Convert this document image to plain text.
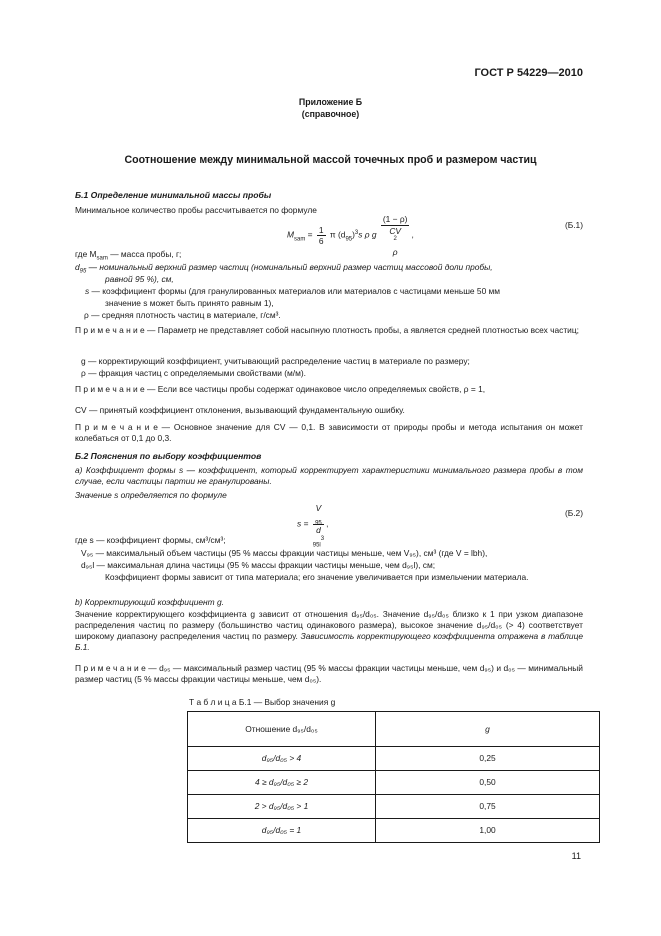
ГОСТ Р 54229—2010
Приложение Б
(справочное)
Соотношение между минимальной массой точечных проб и размером частиц
Б.1 Определение минимальной массы пробы
Минимальное количество пробы рассчитывается по формуле
$M_{sam} = \frac{1}{6}$ π $(d_{95})^3s$ ρ g (1 − ρ)
CV
$^2$
ρ ,
(Б.1)
где $M_{sam}$ — масса пробы, г;
$d_{95}$ — номинальный верхний размер частиц (номинальный верхний размер частиц массовой доли пробы,
равной 95 %), см,
s — коэффициент формы (для гранулированных материалов или материалов с частицами меньше 50 мм
значение s может быть принято равным 1),
ρ — средняя плотность частиц в материале, г/см³.
П р и м е ч а н и е — Параметр не представляет собой насыпную плотность пробы, а является средней плотностью всех частиц;
g — корректирующий коэффициент, учитывающий распределение частиц в материале по размеру;
ρ — фракция частиц с определяемыми свойствами (м/м).
П р и м е ч а н и е — Если все частицы пробы содержат одинаковое число определяемых свойств, ρ = 1,
CV — принятый коэффициент отклонения, вызывающий фундаментальную ошибку.
П р и м е ч а н и е — Основное значение для CV — 0,1. В зависимости от природы пробы и метода испытания он может колебаться от 0,1 до 0,3.
Б.2 Пояснения по выбору коэффициентов
а) Коэффициент формы s — коэффициент, который корректирует характеристики минимального размера пробы в том случае, если частицы партии не гранулированы.
Значение s определяется по формуле
s = V
$_{95}$
d
$_{95l}^3$ ,
(Б.2)
где s — коэффициент формы, см³/см³;
V₉₅ — максимальный объем частицы (95 % массы фракции частицы меньше, чем V₉₅), см³ (где V = lbh),
d₉₅l — максимальная длина частицы (95 % массы фракции частицы меньше, чем d₉₅l), см;
Коэффициент формы зависит от типа материала; его значение увеличивается при измельчении материала.
b) Корректирующий коэффициент g.
Значение корректирующего коэффициента g зависит от отношения d₉₅/d₀₅. Значение d₉₅/d₀₅ близко к 1 при узком диапазоне распределения частиц по размеру (большинство частиц одинакового размера), высокое значение d₉₅/d₀₅ (> 4) соответствует широкому диапазону распределения частиц по размеру. Зависимость корректирующего коэффициента отражена в таблице Б.1.
П р и м е ч а н и е — d₉₅ — максимальный размер частиц (95 % массы фракции частицы меньше, чем d₉₅) и d₀₅ — минимальный размер частиц (5 % массы фракции частицы меньше, чем d₀₅).
Т а б л и ц а Б.1 — Выбор значения g
Отношение d₉₅/d₀₅	g
d₉₅/d₀₅ > 4	0,25
4 ≥ d₉₅/d₀₅ ≥ 2	0,50
2 > d₉₅/d₀₅ > 1	0,75
d₉₅/d₀₅ = 1	1,00
11
